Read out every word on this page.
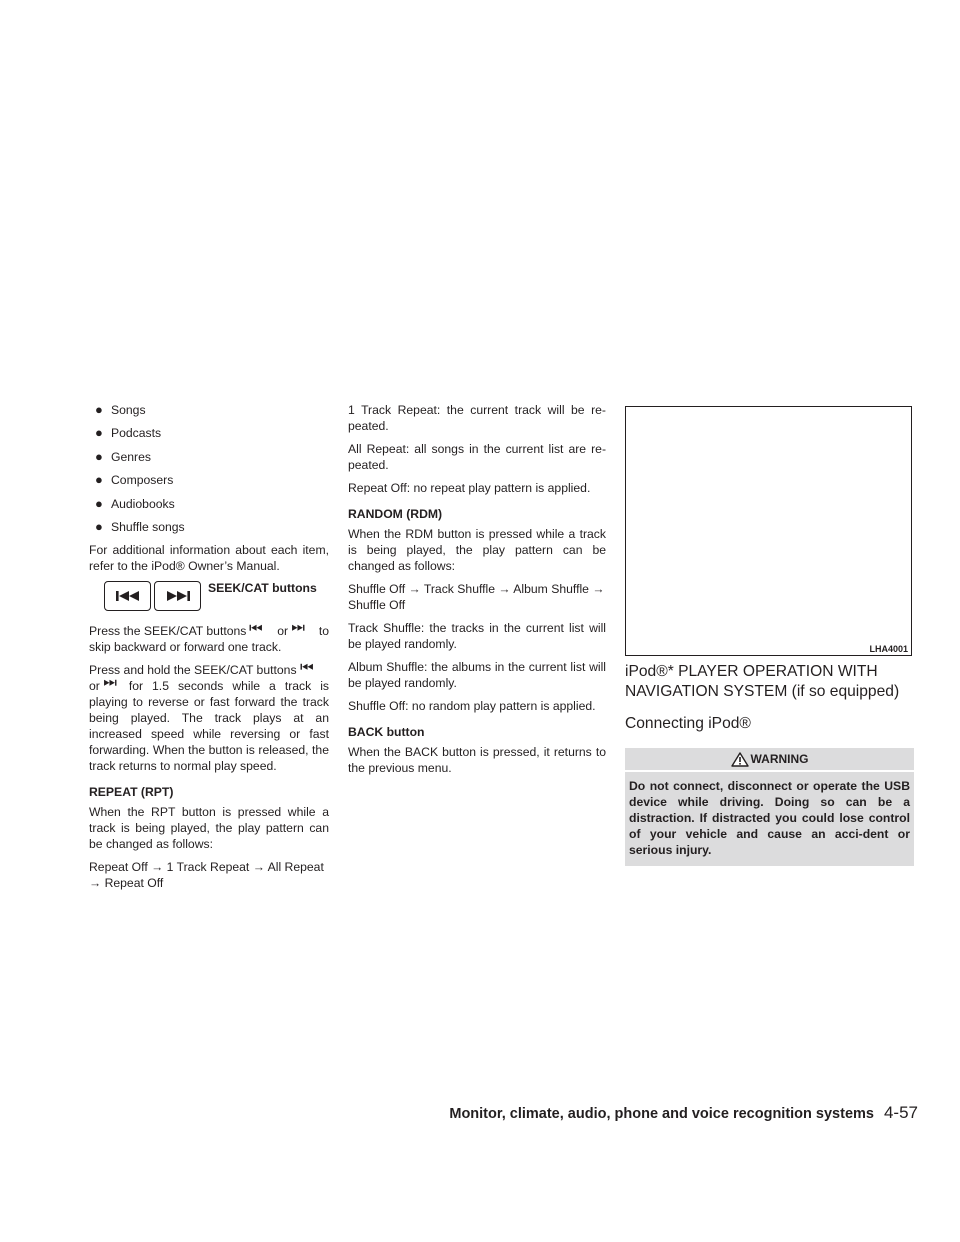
● Songs
● Podcasts
● Genres
● Composers
● Audiobooks
● Shuffle songs

For additional information about each item, refer to the iPod® Owner’s Manual.

SEEK/CAT buttons

Press the SEEK/CAT buttons	or	to
skip backward or forward one track.

Press and hold the SEEK/CAT buttons
or for 1.5 seconds while a track is playing to reverse or fast forward the track being played. The track plays at an increased speed while reversing or fast forwarding. When the button is released, the track returns to normal play speed.

REPEAT (RPT)

When the RPT button is pressed while a track is being played, the play pattern can be changed as follows:

Repeat Off → 1 Track Repeat → All Repeat → Repeat Off

1 Track Repeat: the current track will be re-peated.

All Repeat: all songs in the current list are re-peated.

Repeat Off: no repeat play pattern is applied.

RANDOM (RDM)

When the RDM button is pressed while a track is being played, the play pattern can be changed as follows:

Shuffle Off → Track Shuffle → Album Shuffle → Shuffle Off

Track Shuffle: the tracks in the current list will be played randomly.

Album Shuffle: the albums in the current list will be played randomly.

Shuffle Off: no random play pattern is applied.

BACK button

When the BACK button is pressed, it returns to the previous menu.

LHA4001

iPod®* PLAYER OPERATION WITH NAVIGATION SYSTEM (if so equipped)

Connecting iPod®

WARNING

Do not connect, disconnect or operate the USB device while driving. Doing so can be a distraction. If distracted you could lose control of your vehicle and cause an acci-dent or serious injury.

Monitor, climate, audio, phone and voice recognition systems 4-57
